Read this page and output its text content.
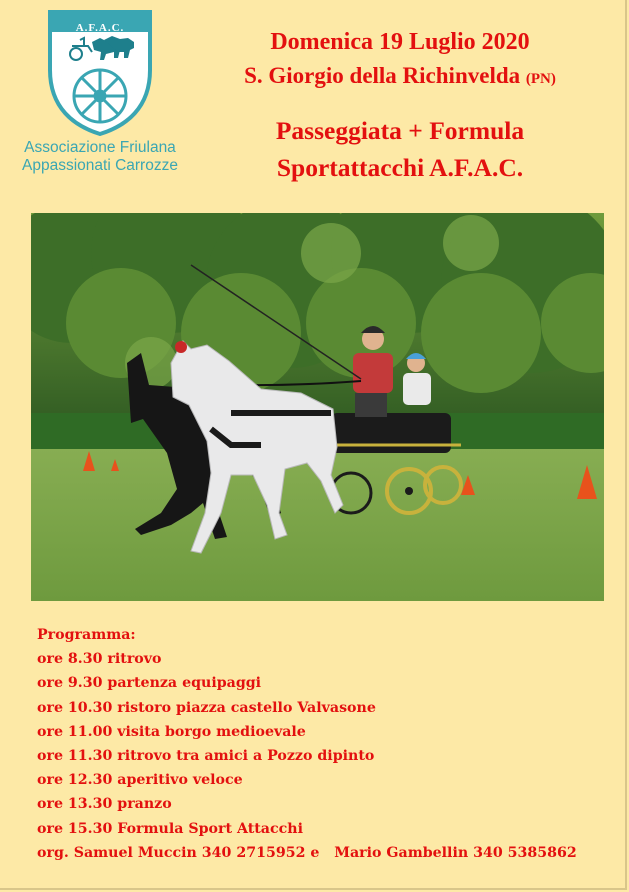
A.F.A.C.
Associazione Friulana
Appassionati Carrozze
Domenica 19 Luglio 2020
S. Giorgio della Richinvelda (PN)
Passeggiata + Formula
Sportattacchi A.F.A.C.
Programma:
ore 8.30 ritrovo
ore 9.30 partenza equipaggi
ore 10.30 ristoro piazza castello Valvasone
ore 11.00 visita borgo medioevale
ore 11.30 ritrovo tra amici a Pozzo dipinto
ore 12.30 aperitivo veloce
ore 13.30 pranzo
ore 15.30 Formula Sport Attacchi
org. Samuel Muccin 340 2715952 e   Mario Gambellin 340 5385862
